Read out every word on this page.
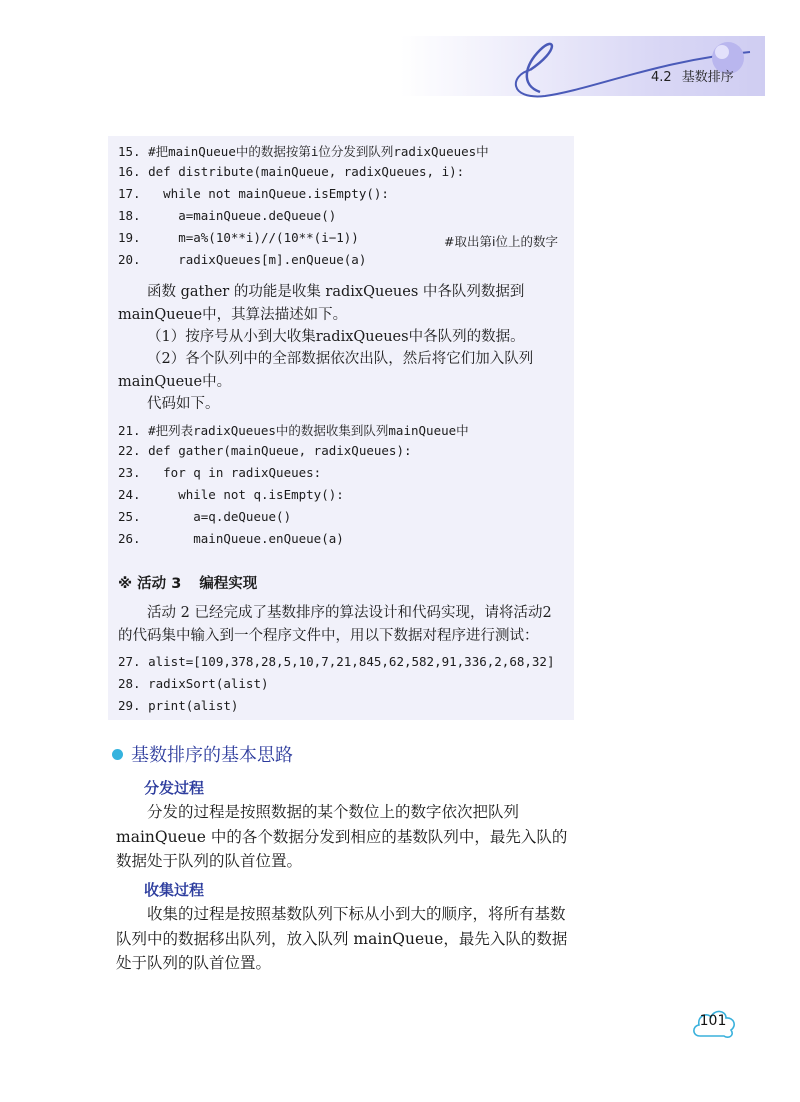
4.2 基数排序
15. #把mainQueue中的数据按第i位分发到队列radixQueues中
16. def distribute(mainQueue, radixQueues, i):
17.   while not mainQueue.isEmpty():
18.     a=mainQueue.deQueue()
19.     m=a%(10**i)//(10**(i−1))	#取出第i位上的数字
20.     radixQueues[m].enQueue(a)
函数 gather 的功能是收集 radixQueues 中各队列数据到mainQueue中，其算法描述如下。
（1）按序号从小到大收集radixQueues中各队列的数据。
（2）各个队列中的全部数据依次出队，然后将它们加入队列mainQueue中。
代码如下。
21. #把列表radixQueues中的数据收集到队列mainQueue中
22. def gather(mainQueue, radixQueues):
23.   for q in radixQueues:
24.     while not q.isEmpty():
25.       a=q.deQueue()
26.       mainQueue.enQueue(a)
※ 活动 3 编程实现
活动 2 已经完成了基数排序的算法设计和代码实现，请将活动2的代码集中输入到一个程序文件中，用以下数据对程序进行测试：
27. alist=[109,378,28,5,10,7,21,845,62,582,91,336,2,68,32]
28. radixSort(alist)
29. print(alist)
基数排序的基本思路
分发过程
分发的过程是按照数据的某个数位上的数字依次把队列 mainQueue 中的各个数据分发到相应的基数队列中，最先入队的数据处于队列的队首位置。
收集过程
收集的过程是按照基数队列下标从小到大的顺序，将所有基数队列中的数据移出队列，放入队列 mainQueue，最先入队的数据处于队列的队首位置。
101
